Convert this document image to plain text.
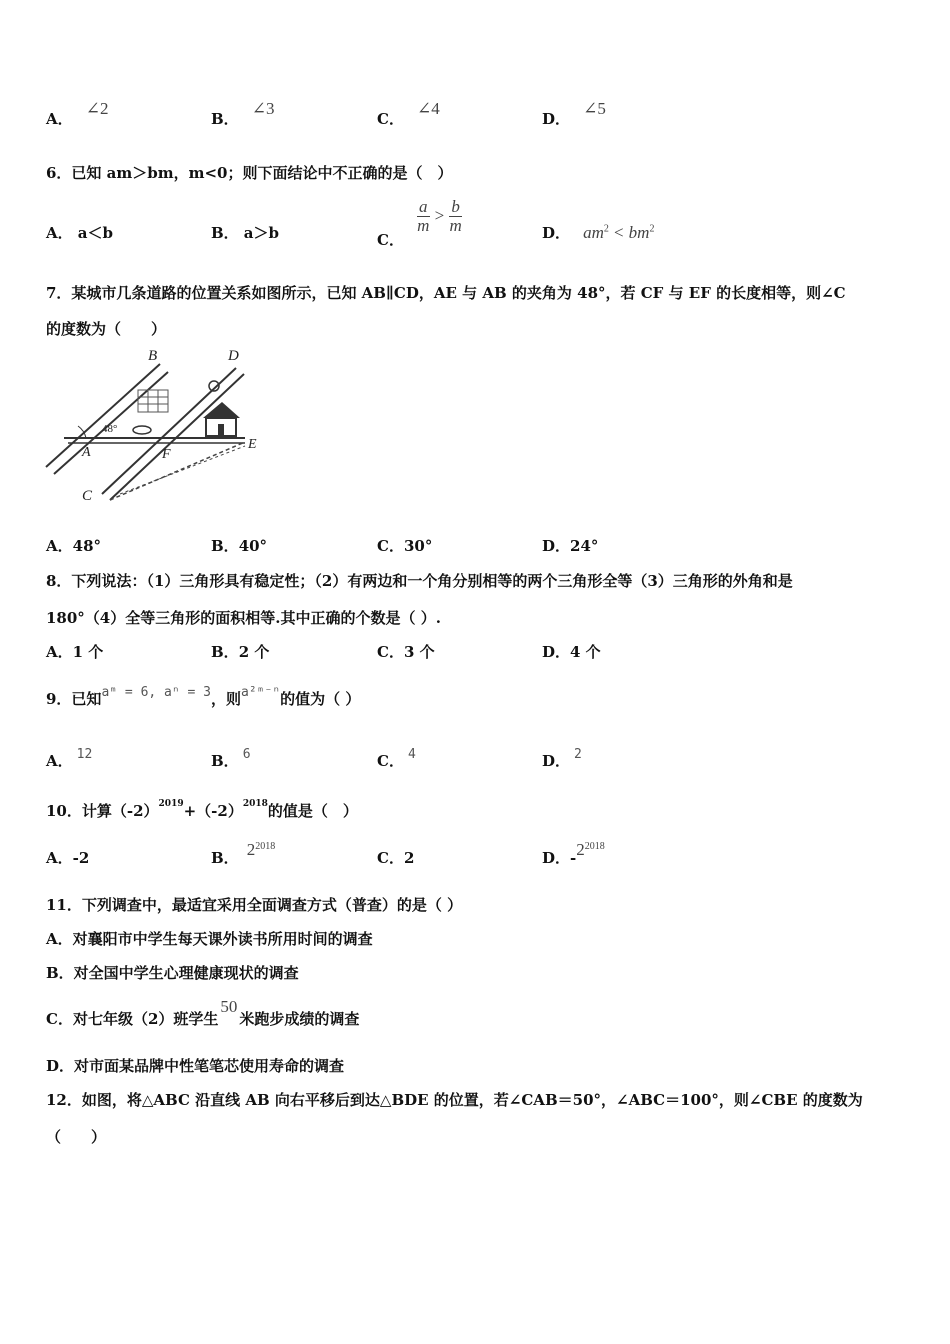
A． ∠2
B． ∠3
C． ∠4
D． ∠5
6．已知 am＞bm，m<0；则下面结论中不正确的是（　）
A． a＜b	B． a＞b	C．
$\frac{a}{m} > \frac{b}{m}$	D． $am^2 < bm^2$
7．某城市几条道路的位置关系如图所示，已知 AB∥CD，AE 与 AB 的夹角为 48°，若 CF 与 EF 的长度相等，则∠C
的度数为（　　）
48°
B	D
A	F
E
C
A．48°	B．40°	C．30°	D．24°
8．下列说法：（1）三角形具有稳定性；（2）有两边和一个角分别相等的两个三角形全等（3）三角形的外角和是
180°（4）全等三角形的面积相等.其中正确的个数是（ ）.
A．1 个	B．2 个	C．3 个	D．4 个
9．已知$^{aᵐ = 6, a^n = 3}$，则$^{a^2ᵐ^{-n}}$的值为（ ）
A． $^{12}$	B． $^6$	C． $^4$	D． $^2$
10．计算$(-2)^{2019}+(-2)^{2018}$的值是（　）
A．-2	B． $2^{2018}$
C．2	D．$-2^{2018}$
11．下列调查中，最适宜采用全面调查方式（普查）的是（ ）
A．对襄阳市中学生每天课外读书所用时间的调查
B．对全国中学生心理健康现状的调查
C．对七年级（2）班学生50米跑步成绩的调查
D．对市面某品牌中性笔笔芯使用寿命的调查
12．如图，将△ABC 沿直线 AB 向右平移后到达△BDE 的位置，若∠CAB＝50°，∠ABC＝100°，则∠CBE 的度数为
（　　）
